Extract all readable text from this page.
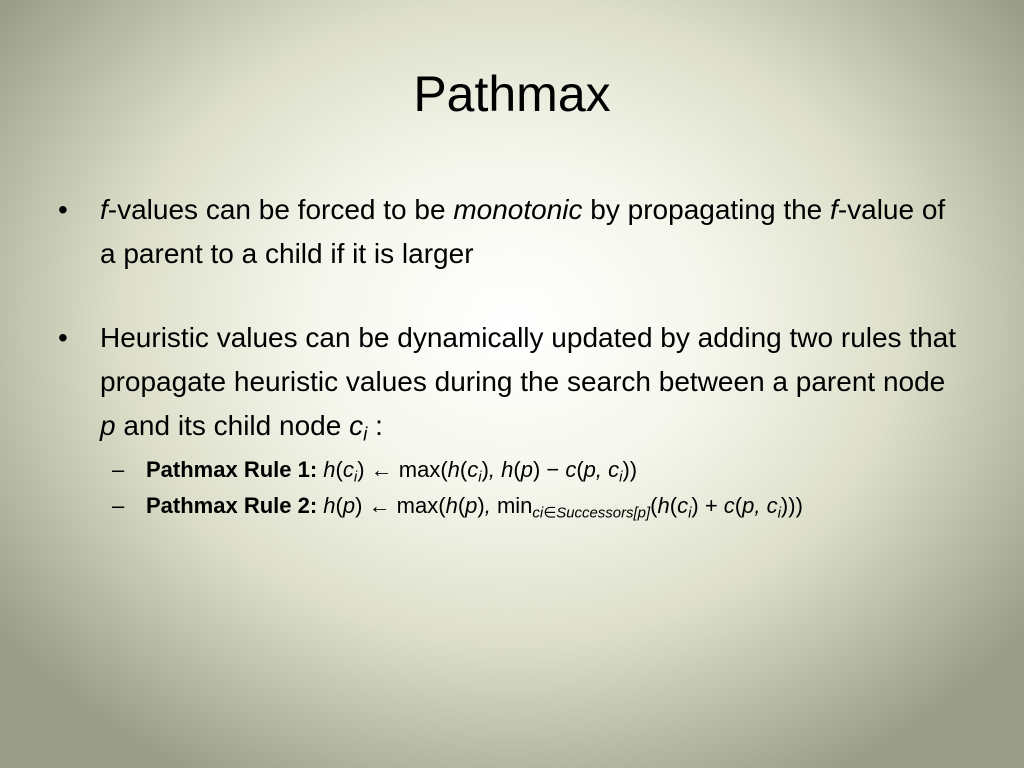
Pathmax
• f-values can be forced to be monotonic by propagating the f-value of a parent to a child if it is larger
• Heuristic values can be dynamically updated by adding two rules that propagate heuristic values during the search between a parent node p and its child node $c_i$ :
– Pathmax Rule 1: $h(c_i)$ ← $\max(h(c_i)$, h(p) − c(p, $c_i$))
– Pathmax Rule 2: h(p) ← max(h(p), $\min_{ci\in Successors[p]}(h(c_i) + c(p$, $c_i$)))
